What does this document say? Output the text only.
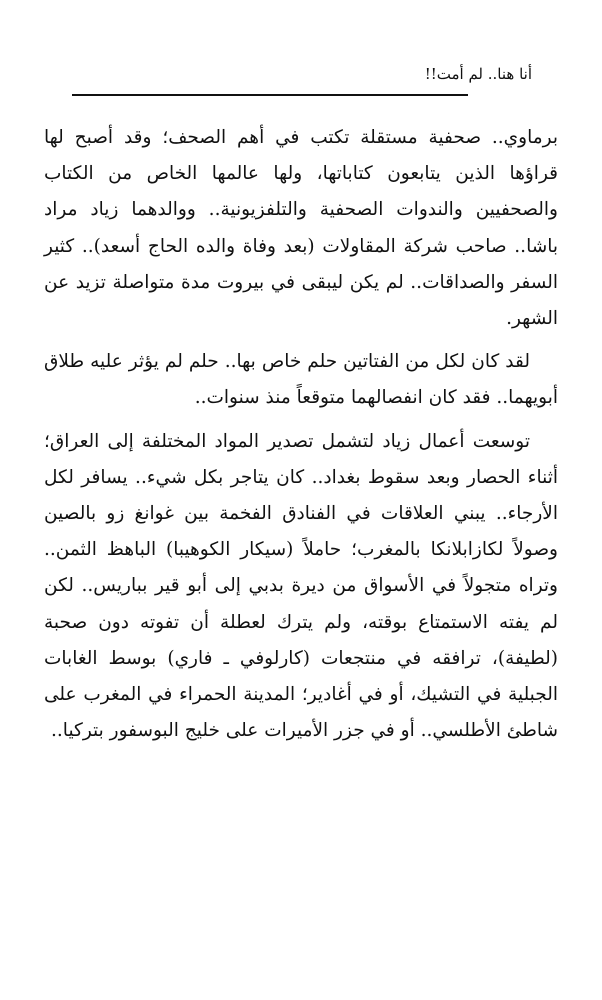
أنا هنا.. لم أمت!!

برماوي.. صحفية مستقلة تكتب في أهم الصحف؛ وقد أصبح لها قراؤها الذين يتابعون كتاباتها، ولها عالمها الخاص من الكتاب والصحفيين والندوات الصحفية والتلفزيونية.. ووالدهما زياد مراد باشا.. صاحب شركة المقاولات (بعد وفاة والده الحاج أسعد).. كثير السفر والصداقات.. لم يكن ليبقى في بيروت مدة متواصلة تزيد عن الشهر.

لقد كان لكل من الفتاتين حلم خاص بها.. حلم لم يؤثر عليه طلاق أبويهما.. فقد كان انفصالهما متوقعاً منذ سنوات..

توسعت أعمال زياد لتشمل تصدير المواد المختلفة إلى العراق؛ أثناء الحصار وبعد سقوط بغداد.. كان يتاجر بكل شيء.. يسافر لكل الأرجاء.. يبني العلاقات في الفنادق الفخمة بين غوانغ زو بالصين وصولاً لكازابلانكا بالمغرب؛ حاملاً (سيكار الكوهيبا) الباهظ الثمن.. وتراه متجولاً في الأسواق من ديرة بدبي إلى أبو قير بباريس.. لكن لم يفته الاستمتاع بوقته، ولم يترك لعطلة أن تفوته دون صحبة (لطيفة)، ترافقه في منتجعات (كارلوفي ـ فاري) بوسط الغابات الجبلية في التشيك، أو في أغادير؛ المدينة الحمراء في المغرب على شاطئ الأطلسي.. أو في جزر الأميرات على خليج البوسفور بتركيا..
